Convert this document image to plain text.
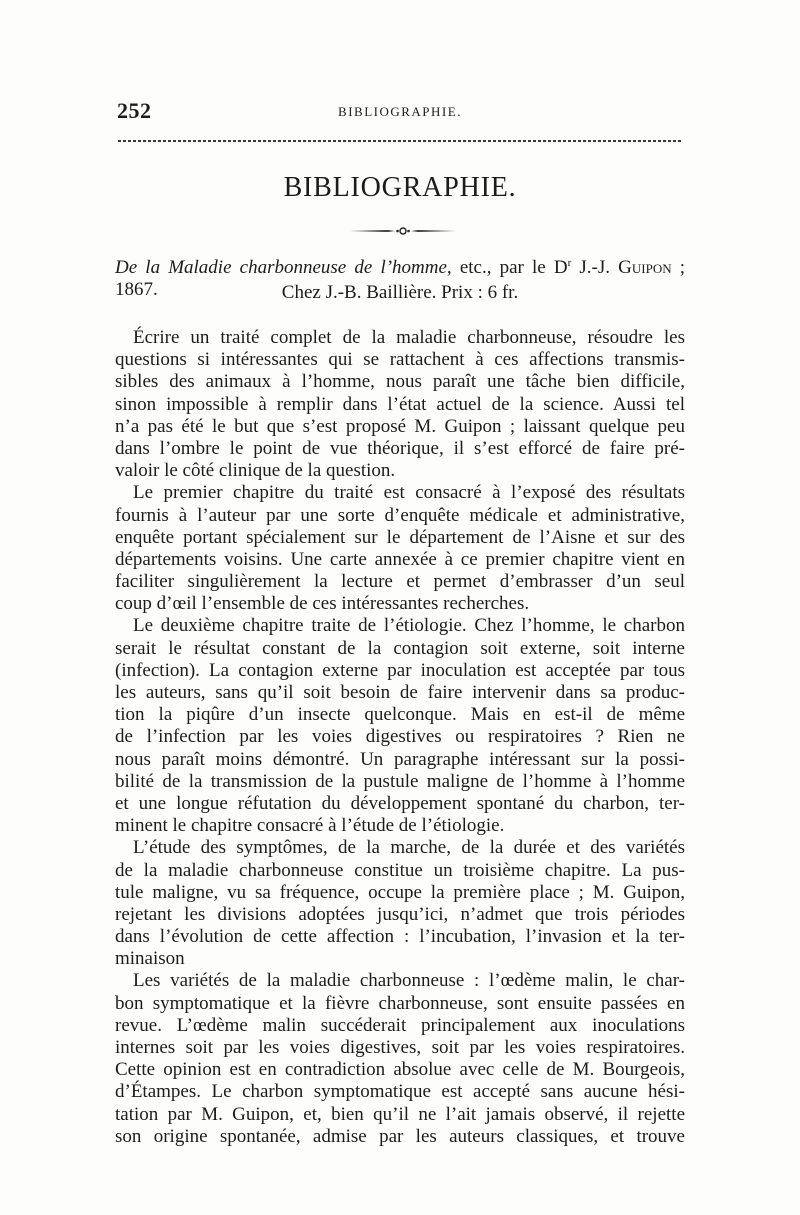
252	BIBLIOGRAPHIE.
BIBLIOGRAPHIE.
De la Maladie charbonneuse de l’homme, etc., par le $D^r$ J.-J. Guipon ; 1867.	Chez J.-B. Baillière. Prix : 6 fr.
Écrire un traité complet de la maladie charbonneuse, résoudre les
questions si intéressantes qui se rattachent à ces affections transmis-
sibles des animaux à l’homme, nous paraît une tâche bien difficile,
sinon impossible à remplir dans l’état actuel de la science. Aussi tel
n’a pas été le but que s’est proposé M. Guipon ; laissant quelque peu
dans l’ombre le point de vue théorique, il s’est efforcé de faire pré-
valoir le côté clinique de la question.
Le premier chapitre du traité est consacré à l’exposé des résultats
fournis à l’auteur par une sorte d’enquête médicale et administrative,
enquête portant spécialement sur le département de l’Aisne et sur des
départements voisins. Une carte annexée à ce premier chapitre vient en
faciliter singulièrement la lecture et permet d’embrasser d’un seul
coup d’œil l’ensemble de ces intéressantes recherches.
Le deuxième chapitre traite de l’étiologie. Chez l’homme, le charbon
serait le résultat constant de la contagion soit externe, soit interne
(infection). La contagion externe par inoculation est acceptée par tous
les auteurs, sans qu’il soit besoin de faire intervenir dans sa produc-
tion la piqûre d’un insecte quelconque. Mais en est-il de même
de l’infection par les voies digestives ou respiratoires ? Rien ne
nous paraît moins démontré. Un paragraphe intéressant sur la possi-
bilité de la transmission de la pustule maligne de l’homme à l’homme
et une longue réfutation du développement spontané du charbon, ter-
minent le chapitre consacré à l’étude de l’étiologie.
L’étude des symptômes, de la marche, de la durée et des variétés
de la maladie charbonneuse constitue un troisième chapitre. La pus-
tule maligne, vu sa fréquence, occupe la première place ; M. Guipon,
rejetant les divisions adoptées jusqu’ici, n’admet que trois périodes
dans l’évolution de cette affection : l’incubation, l’invasion et la ter-
minaison
Les variétés de la maladie charbonneuse : l’œdème malin, le char-
bon symptomatique et la fièvre charbonneuse, sont ensuite passées en
revue. L’œdème malin succéderait principalement aux inoculations
internes soit par les voies digestives, soit par les voies respiratoires.
Cette opinion est en contradiction absolue avec celle de M. Bourgeois,
d’Étampes. Le charbon symptomatique est accepté sans aucune hési-
tation par M. Guipon, et, bien qu’il ne l’ait jamais observé, il rejette
son origine spontanée, admise par les auteurs classiques, et trouve
